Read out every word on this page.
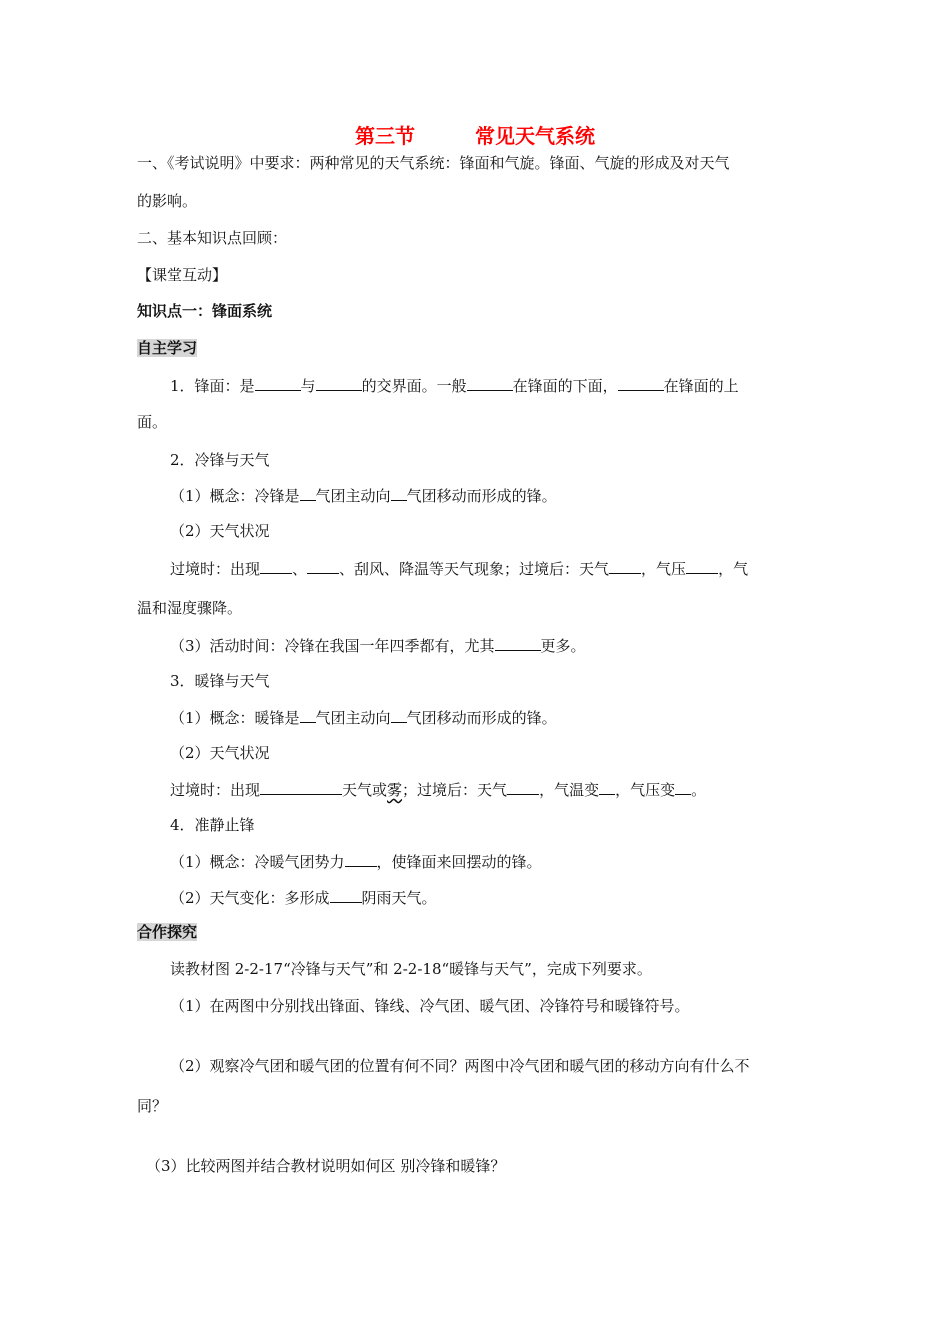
第三节	常见天气系统
一、《考试说明》中要求：两种常见的天气系统：锋面和气旋。锋面、气旋的形成及对天气
的影响。
二、基本知识点回顾：
【课堂互动】
知识点一：锋面系统
自主学习
1．锋面：是	与	的交界面。一般	在锋面的下面，	在锋面的上
面。
2．冷锋与天气
（1）概念：冷锋是 气团主动向 气团移动而形成的锋。
（2）天气状况
过境时：出现 、 、刮风、降温等天气现象；过境后：天气 ，气压 ，气
温和湿度骤降。
（3）活动时间：冷锋在我国一年四季都有，尤其	更多。
3．暖锋与天气
（1）概念：暖锋是 气团主动向 气团移动而形成的锋。
（2）天气状况
过境时：出现	天气或雾；过境后：天气 ，气温变 ，气压变 。
4．准静止锋
（1）概念：冷暖气团势力 ，使锋面来回摆动的锋。
（2）天气变化：多形成 阴雨天气。
合作探究
读教材图 2-2-17“冷锋与天气”和 2-2-18“暖锋与天气”，完成下列要求。
（1）在两图中分别找出锋面、锋线、冷气团、暖气团、冷锋符号和暖锋符号。
（2）观察冷气团和暖气团的位置有何不同？两图中冷气团和暖气团的移动方向有什么不
同？
（3）比较两图并结合教材说明如何区 别冷锋和暖锋？
